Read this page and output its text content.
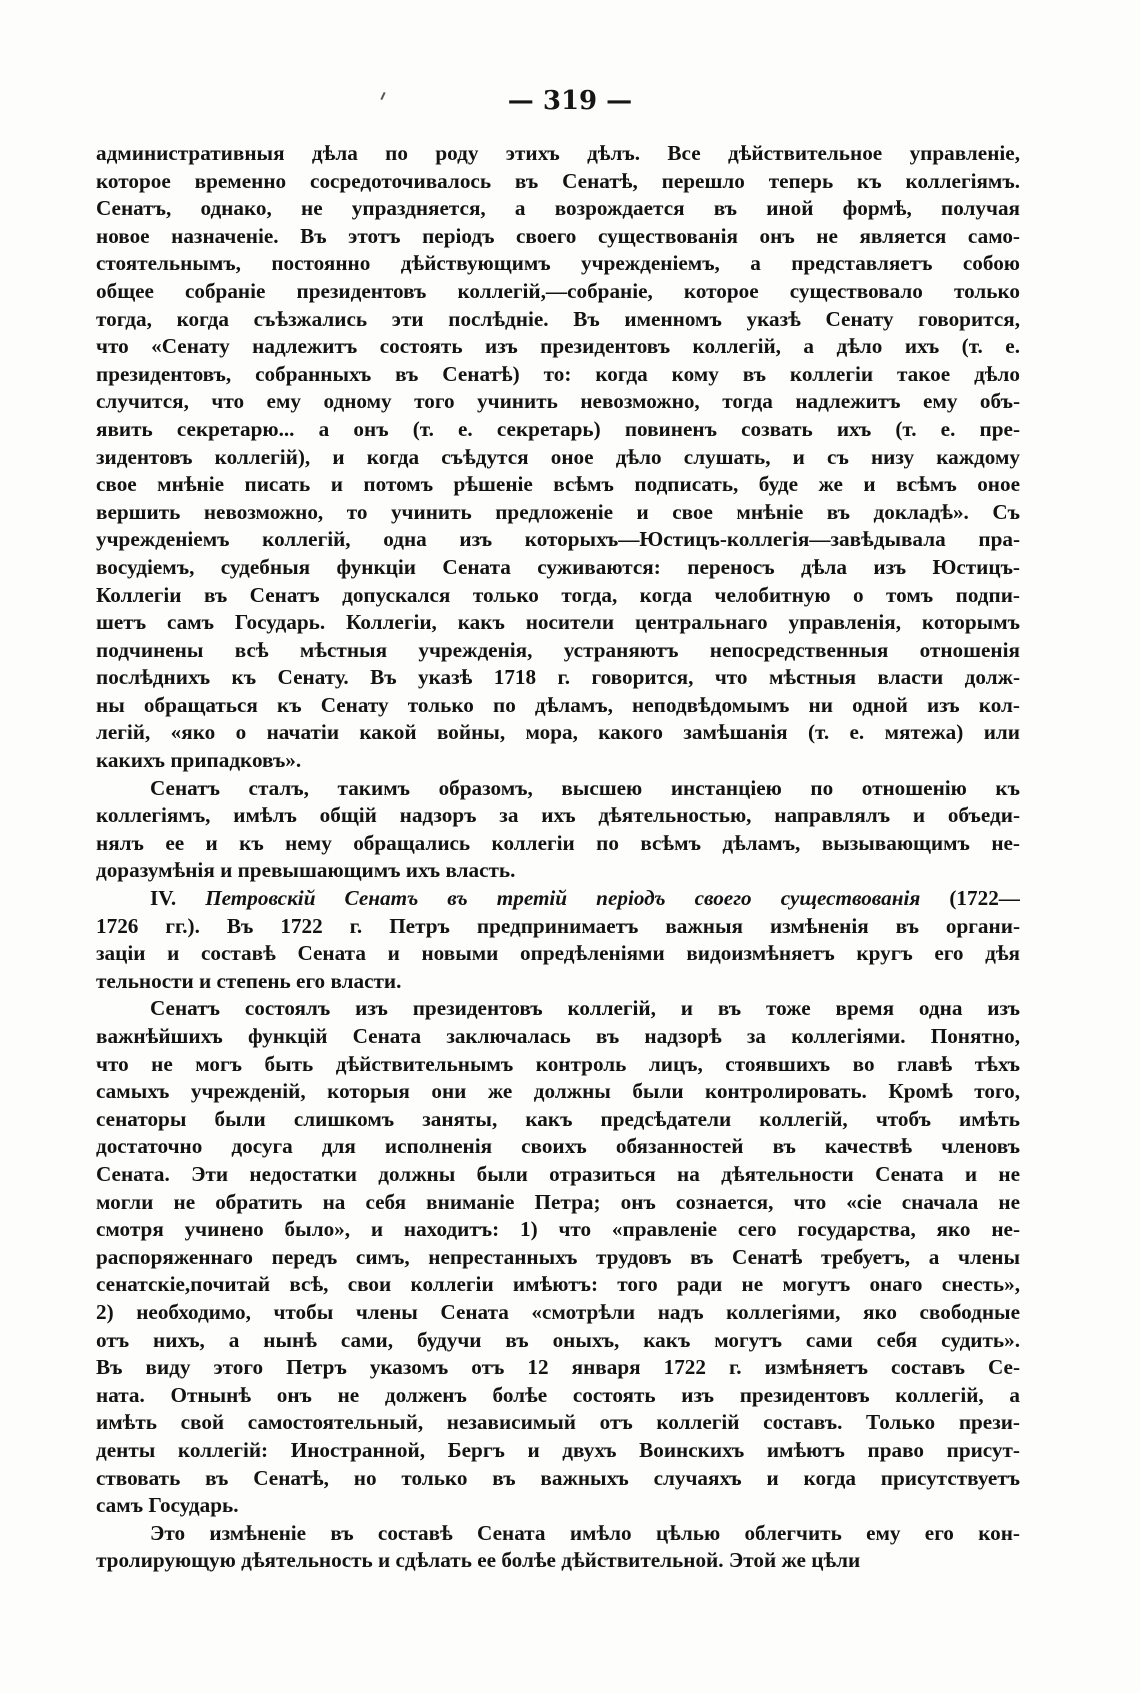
— 319 —

административныя дѣла по роду этихъ дѣлъ. Все дѣйствительное управленіе,
которое временно сосредоточивалось въ Сенатѣ, перешло теперь къ коллегіямъ.
Сенатъ, однако, не упраздняется, а возрождается въ иной формѣ, получая
новое назначеніе. Въ этотъ періодъ своего существованія онъ не является само-
стоятельнымъ, постоянно дѣйствующимъ учрежденіемъ, а представляетъ собою
общее собраніе президентовъ коллегій,—собраніе, которое существовало только
тогда, когда съѣзжались эти послѣдніе. Въ именномъ указѣ Сенату говорится,
что «Сенату надлежитъ состоять изъ президентовъ коллегій, а дѣло ихъ (т. е.
президентовъ, собранныхъ въ Сенатѣ) то: когда кому въ коллегіи такое дѣло
случится, что ему одному того учинить невозможно, тогда надлежитъ ему объ-
явить секретарю... а онъ (т. е. секретарь) повиненъ созвать ихъ (т. е. пре-
зидентовъ коллегій), и когда съѣдутся оное дѣло слушать, и съ низу каждому
свое мнѣніе писать и потомъ рѣшеніе всѣмъ подписать, буде же и всѣмъ оное
вершить невозможно, то учинить предложеніе и свое мнѣніе въ докладѣ». Съ
учрежденіемъ коллегій, одна изъ которыхъ—Юстицъ-коллегія—завѣдывала пра-
восудіемъ, судебныя функціи Сената суживаются: переносъ дѣла изъ Юстицъ-
Коллегіи въ Сенатъ допускался только тогда, когда челобитную о томъ подпи-
шетъ самъ Государь. Коллегіи, какъ носители центральнаго управленія, которымъ
подчинены всѣ мѣстныя учрежденія, устраняютъ непосредственныя отношенія
послѣднихъ къ Сенату. Въ указѣ 1718 г. говорится, что мѣстныя власти долж-
ны обращаться къ Сенату только по дѣламъ, неподвѣдомымъ ни одной изъ кол-
легій, «яко о начатіи какой войны, мора, какого замѣшанія (т. е. мятежа) или
какихъ припадковъ».
Сенатъ сталъ, такимъ образомъ, высшею инстанціею по отношенію къ
коллегіямъ, имѣлъ общій надзоръ за ихъ дѣятельностью, направлялъ и объеди-
нялъ ее и къ нему обращались коллегіи по всѣмъ дѣламъ, вызывающимъ не-
доразумѣнія и превышающимъ ихъ власть.
IV. Петровскій Сенатъ въ третій періодъ своего существованія (1722—
1726 гг.). Въ 1722 г. Петръ предпринимаетъ важныя измѣненія въ органи-
заціи и составѣ Сената и новыми опредѣленіями видоизмѣняетъ кругъ его дѣя
тельности и степень его власти.
Сенатъ состоялъ изъ президентовъ коллегій, и въ тоже время одна изъ
важнѣйшихъ функцій Сената заключалась въ надзорѣ за коллегіями. Понятно,
что не могъ быть дѣйствительнымъ контроль лицъ, стоявшихъ во главѣ тѣхъ
самыхъ учрежденій, которыя они же должны были контролировать. Кромѣ того,
сенаторы были слишкомъ заняты, какъ предсѣдатели коллегій, чтобъ имѣть
достаточно досуга для исполненія своихъ обязанностей въ качествѣ членовъ
Сената. Эти недостатки должны были отразиться на дѣятельности Сената и не
могли не обратить на себя вниманіе Петра; онъ сознается, что «сіе сначала не
смотря учинено было», и находитъ: 1) что «правленіе сего государства, яко не-
распоряженнаго передъ симъ, непрестанныхъ трудовъ въ Сенатѣ требуетъ, а члены
сенатскіе,почитай всѣ, свои коллегіи имѣютъ: того ради не могутъ онаго снесть»,
2) необходимо, чтобы члены Сената «смотрѣли надъ коллегіями, яко свободные
отъ нихъ, а нынѣ сами, будучи въ оныхъ, какъ могутъ сами себя судить».
Въ виду этого Петръ указомъ отъ 12 января 1722 г. измѣняетъ составъ Се-
ната. Отнынѣ онъ не долженъ болѣе состоять изъ президентовъ коллегій, а
имѣть свой самостоятельный, независимый отъ коллегій составъ. Только прези-
денты коллегій: Иностранной, Бергъ и двухъ Воинскихъ имѣютъ право присут-
ствовать въ Сенатѣ, но только въ важныхъ случаяхъ и когда присутствуетъ
самъ Государь.
Это измѣненіе въ составѣ Сената имѣло цѣлью облегчить ему его кон-
тролирующую дѣятельность и сдѣлать ее болѣе дѣйствительной. Этой же цѣли
